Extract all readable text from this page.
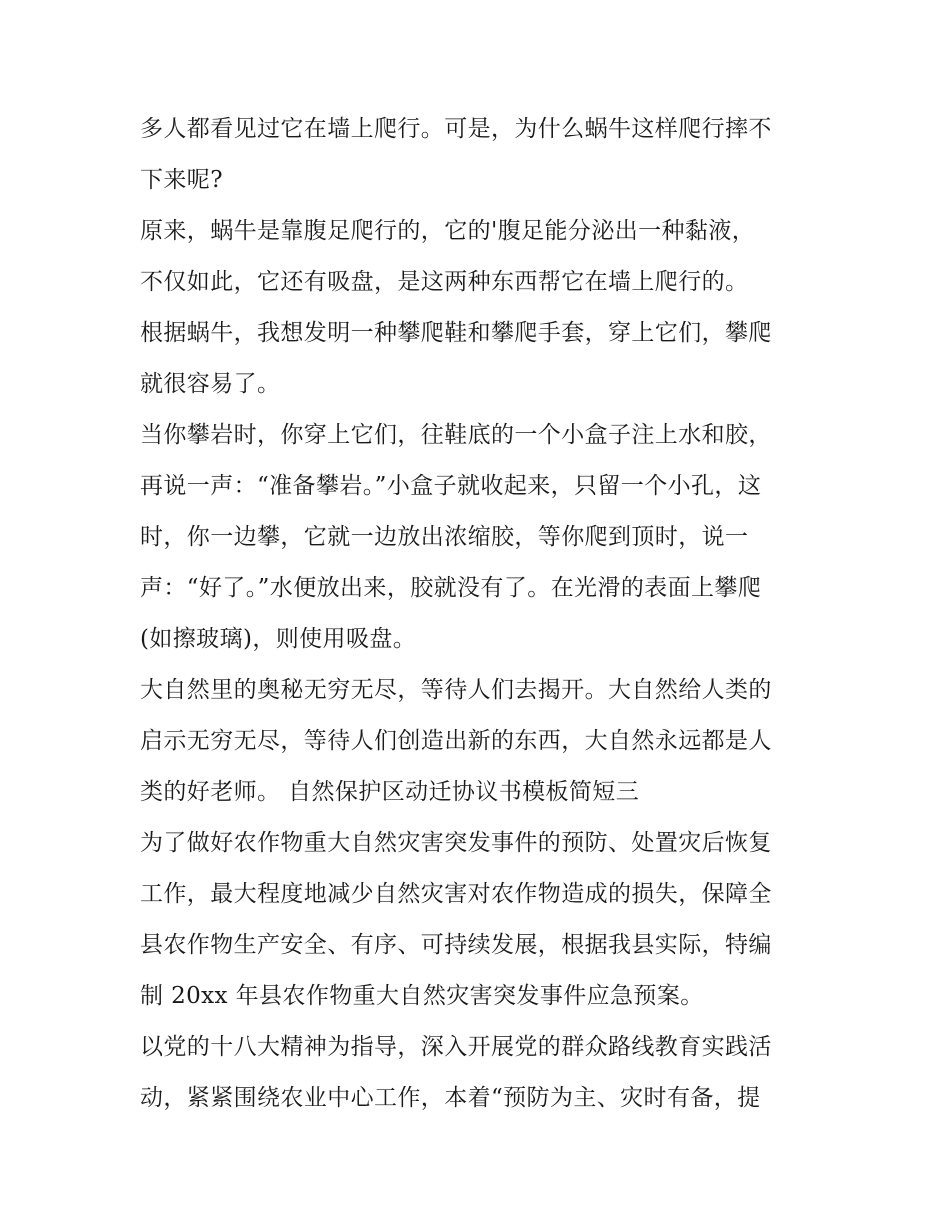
多人都看见过它在墙上爬行。可是，为什么蜗牛这样爬行摔不
下来呢?
原来，蜗牛是靠腹足爬行的，它的'腹足能分泌出一种黏液，
不仅如此，它还有吸盘，是这两种东西帮它在墙上爬行的。
根据蜗牛，我想发明一种攀爬鞋和攀爬手套，穿上它们，攀爬
就很容易了。
当你攀岩时，你穿上它们，往鞋底的一个小盒子注上水和胶，
再说一声：“准备攀岩。”小盒子就收起来，只留一个小孔，这
时，你一边攀，它就一边放出浓缩胶，等你爬到顶时，说一
声：“好了。”水便放出来，胶就没有了。在光滑的表面上攀爬
(如擦玻璃)，则使用吸盘。
大自然里的奥秘无穷无尽，等待人们去揭开。大自然给人类的
启示无穷无尽，等待人们创造出新的东西，大自然永远都是人
类的好老师。 自然保护区动迁协议书模板简短三
为了做好农作物重大自然灾害突发事件的预防、处置灾后恢复
工作，最大程度地减少自然灾害对农作物造成的损失，保障全
县农作物生产安全、有序、可持续发展，根据我县实际，特编
制 20xx 年县农作物重大自然灾害突发事件应急预案。
以党的十八大精神为指导，深入开展党的群众路线教育实践活
动，紧紧围绕农业中心工作，本着“预防为主、灾时有备，提
